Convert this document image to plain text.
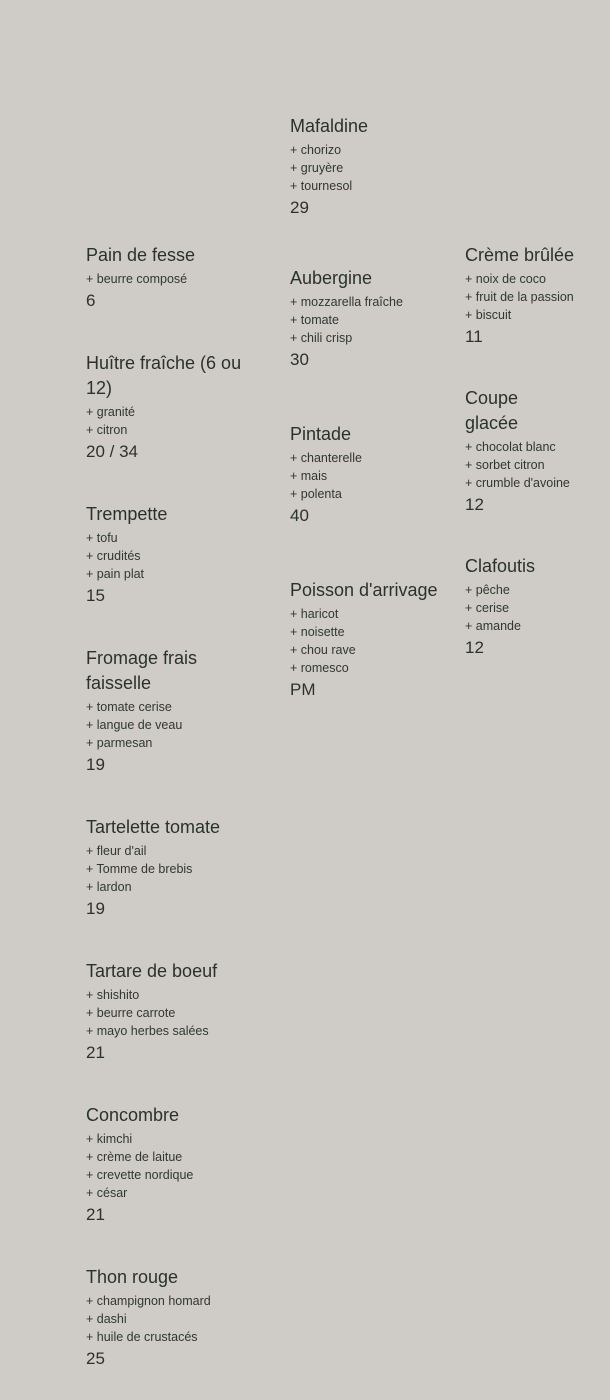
Pain de fesse
+ beurre composé
6
Huître fraîche (6 ou 12)
+ granité
+ citron
20 / 34
Trempette
+ tofu
+ crudités
+ pain plat
15
Fromage frais faisselle
+ tomate cerise
+ langue de veau
+ parmesan
19
Tartelette tomate
+ fleur d'ail
+ Tomme de brebis
+ lardon
19
Tartare de boeuf
+ shishito
+ beurre carrote
+ mayo herbes salées
21
Concombre
+ kimchi
+ crème de laitue
+ crevette nordique
+ césar
21
Thon rouge
+ champignon homard
+ dashi
+ huile de crustacés
25
Mafaldine
+ chorizo
+ gruyère
+ tournesol
29
Aubergine
+ mozzarella fraîche
+ tomate
+ chili crisp
30
Pintade
+ chanterelle
+ mais
+ polenta
40
Poisson d'arrivage
+ haricot
+ noisette
+ chou rave
+ romesco
PM
Crème brûlée
+ noix de coco
+ fruit de la passion
+ biscuit
11
Coupe glacée
+ chocolat blanc
+ sorbet citron
+ crumble d'avoine
12
Clafoutis
+ pêche
+ cerise
+ amande
12
